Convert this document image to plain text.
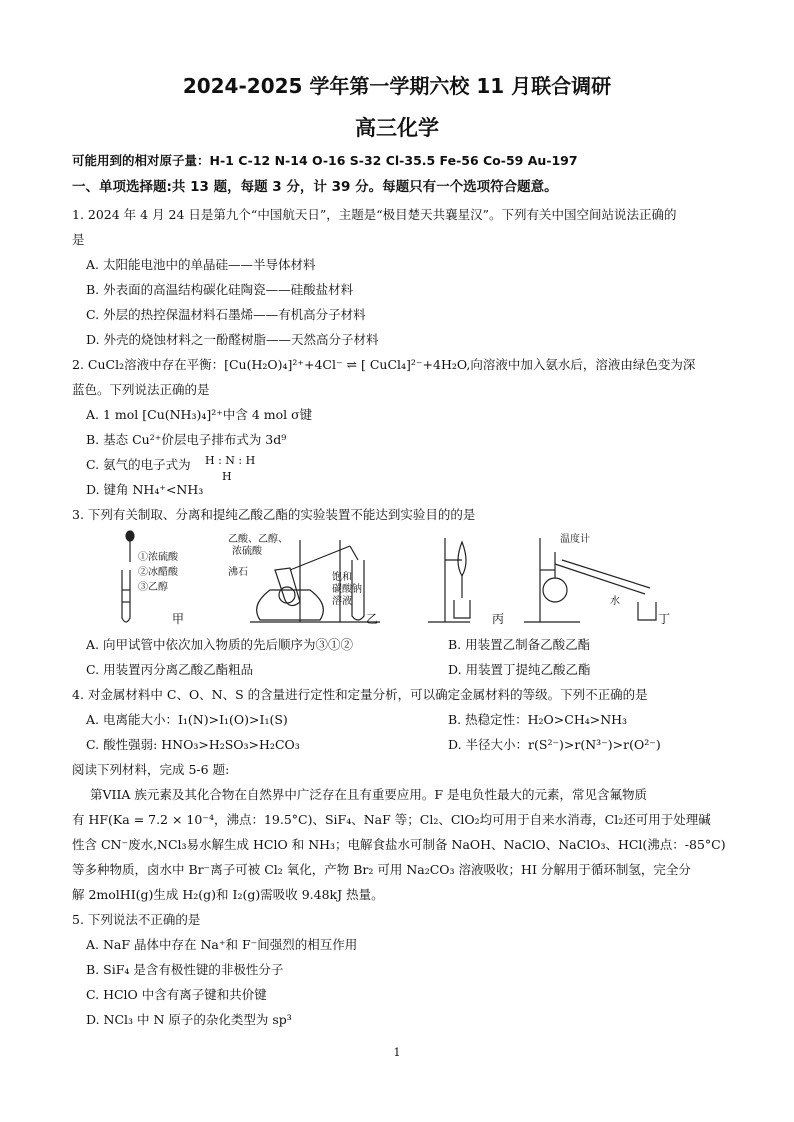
2024-2025 学年第一学期六校 11 月联合调研
高三化学
可能用到的相对原子量：H-1 C-12 N-14 O-16 S-32 Cl-35.5 Fe-56 Co-59 Au-197
一、单项选择题:共 13 题，每题 3 分，计 39 分。每题只有一个选项符合题意。
1. 2024 年 4 月 24 日是第九个“中国航天日”，主题是“极目楚天共襄星汉”。下列有关中国空间站说法正确的
是
A. 太阳能电池中的单晶硅——半导体材料
B. 外表面的高温结构碳化硅陶瓷——硅酸盐材料
C. 外层的热控保温材料石墨烯——有机高分子材料
D. 外壳的烧蚀材料之一酚醛树脂——天然高分子材料
2. CuCl₂溶液中存在平衡：[Cu(H₂O)₄]²⁺+4Cl⁻ ⇌ [ CuCl₄]²⁻+4H₂O,向溶液中加入氨水后，溶液由绿色变为深
蓝色。下列说法正确的是
A. 1 mol [Cu(NH₃)₄]²⁺中含 4 mol σ键
B. 基态 Cu²⁺价层电子排布式为 3d⁹
C. 氨气的电子式为	H : N : H
H
D. 键角 NH₄⁺<NH₃
3. 下列有关制取、分离和提纯乙酸乙酯的实验装置不能达到实验目的的是
①浓硫酸
②冰醋酸
③乙醇
甲
乙酸、乙醇、
浓硫酸
沸石	饱和
碳酸钠
溶液
乙	丙
温度计
水
丁
A. 向甲试管中依次加入物质的先后顺序为③①②	B. 用装置乙制备乙酸乙酯
C. 用装置丙分离乙酸乙酯粗品	D. 用装置丁提纯乙酸乙酯
4. 对金属材料中 C、O、N、S 的含量进行定性和定量分析，可以确定金属材料的等级。下列不正确的是
A. 电离能大小：I₁(N)>I₁(O)>I₁(S)	B. 热稳定性：H₂O>CH₄>NH₃
C. 酸性强弱: HNO₃>H₂SO₃>H₂CO₃	D. 半径大小：r(S²⁻)>r(N³⁻)>r(O²⁻)
阅读下列材料，完成 5-6 题:
第VIIA 族元素及其化合物在自然界中广泛存在且有重要应用。F 是电负性最大的元素，常见含氟物质
有 HF(Ka = 7.2 × 10⁻⁴，沸点：19.5°C)、SiF₄、NaF 等；Cl₂、ClO₂均可用于自来水消毒，Cl₂还可用于处理碱
性含 CN⁻废水,NCl₃易水解生成 HClO 和 NH₃；电解食盐水可制备 NaOH、NaClO、NaClO₃、HCl(沸点：-85°C)
等多种物质，卤水中 Br⁻离子可被 Cl₂ 氧化，产物 Br₂ 可用 Na₂CO₃ 溶液吸收；HI 分解用于循环制氢，完全分
解 2molHI(g)生成 H₂(g)和 I₂(g)需吸收 9.48kJ 热量。
5. 下列说法不正确的是
A. NaF 晶体中存在 Na⁺和 F⁻间强烈的相互作用
B. SiF₄ 是含有极性键的非极性分子
C. HClO 中含有离子键和共价键
D. NCl₃ 中 N 原子的杂化类型为 sp³
1
